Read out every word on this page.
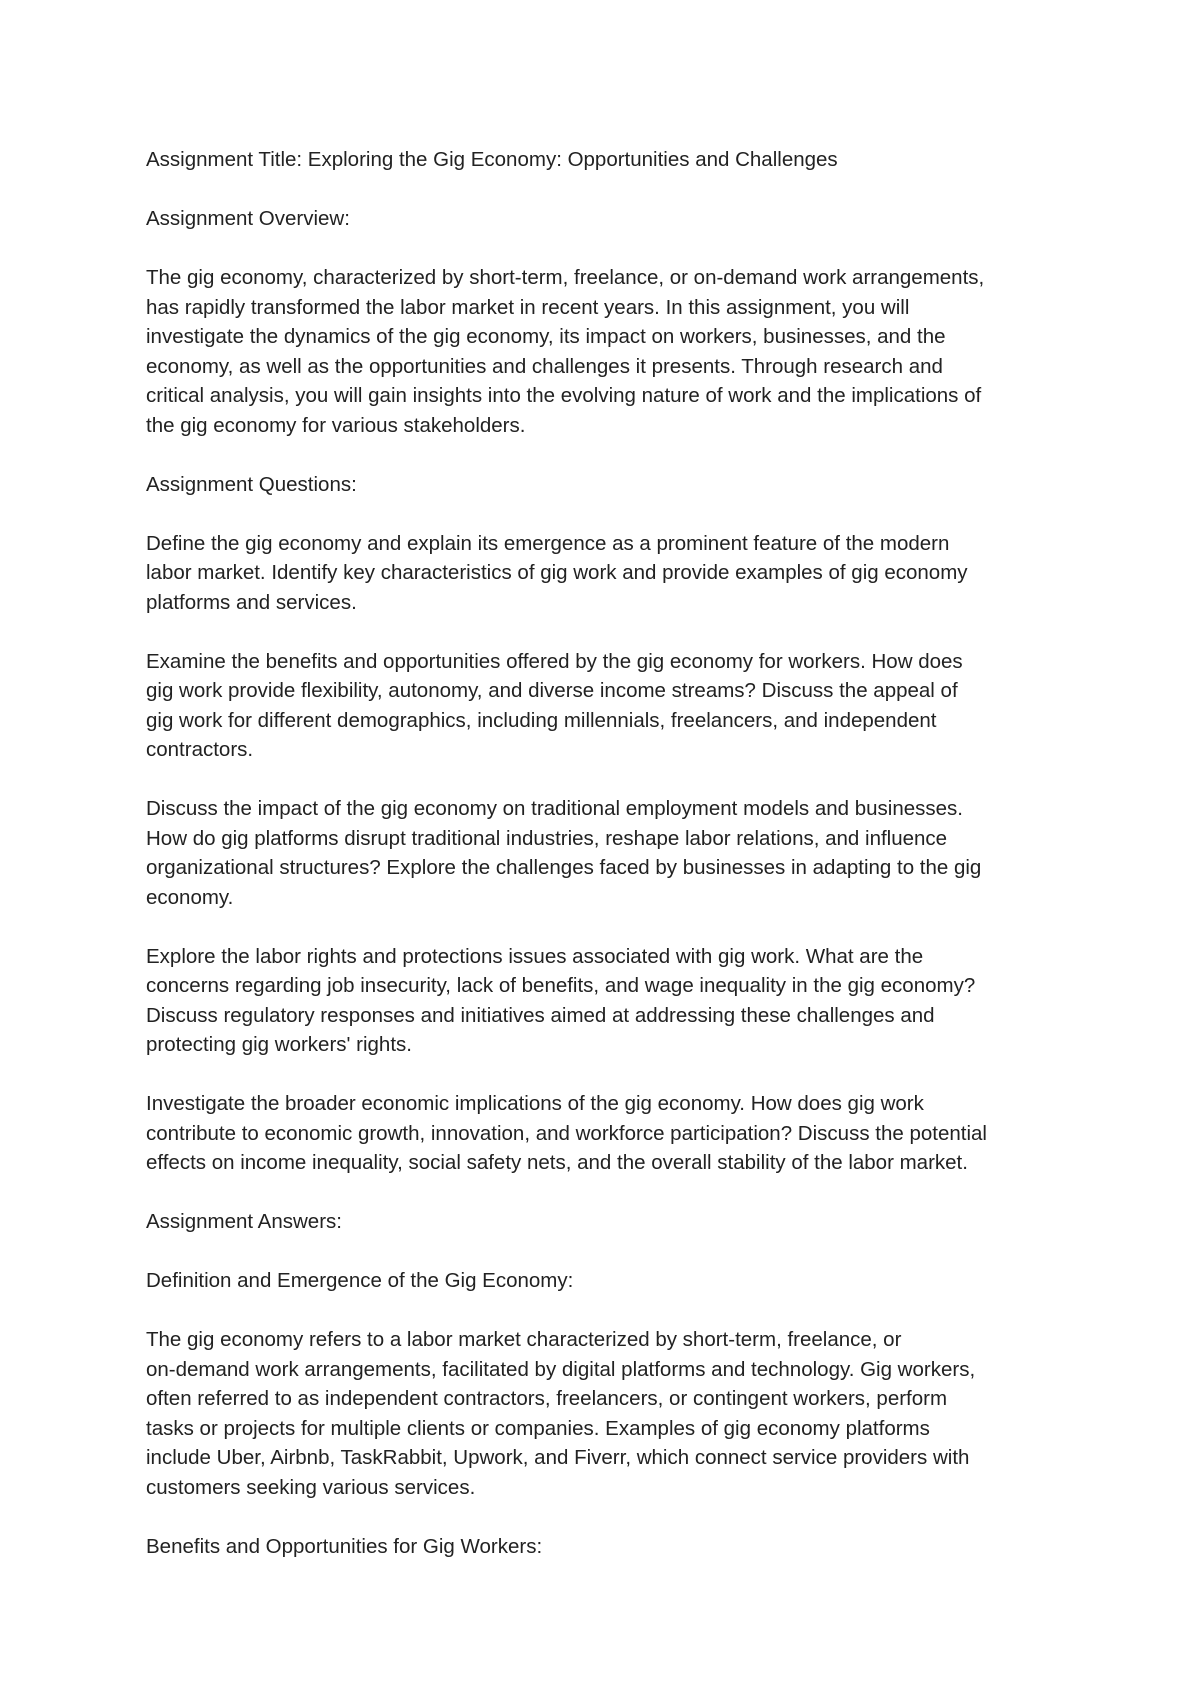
Assignment Title: Exploring the Gig Economy: Opportunities and Challenges

Assignment Overview:

The gig economy, characterized by short-term, freelance, or on-demand work arrangements,

has rapidly transformed the labor market in recent years. In this assignment, you will

investigate the dynamics of the gig economy, its impact on workers, businesses, and the

economy, as well as the opportunities and challenges it presents. Through research and

critical analysis, you will gain insights into the evolving nature of work and the implications of

the gig economy for various stakeholders.

Assignment Questions:

Define the gig economy and explain its emergence as a prominent feature of the modern

labor market. Identify key characteristics of gig work and provide examples of gig economy

platforms and services.

Examine the benefits and opportunities offered by the gig economy for workers. How does

gig work provide flexibility, autonomy, and diverse income streams? Discuss the appeal of

gig work for different demographics, including millennials, freelancers, and independent

contractors.

Discuss the impact of the gig economy on traditional employment models and businesses.

How do gig platforms disrupt traditional industries, reshape labor relations, and influence

organizational structures? Explore the challenges faced by businesses in adapting to the gig

economy.

Explore the labor rights and protections issues associated with gig work. What are the

concerns regarding job insecurity, lack of benefits, and wage inequality in the gig economy?

Discuss regulatory responses and initiatives aimed at addressing these challenges and

protecting gig workers' rights.

Investigate the broader economic implications of the gig economy. How does gig work

contribute to economic growth, innovation, and workforce participation? Discuss the potential

effects on income inequality, social safety nets, and the overall stability of the labor market.

Assignment Answers:

Definition and Emergence of the Gig Economy:

The gig economy refers to a labor market characterized by short-term, freelance, or

on-demand work arrangements, facilitated by digital platforms and technology. Gig workers,

often referred to as independent contractors, freelancers, or contingent workers, perform

tasks or projects for multiple clients or companies. Examples of gig economy platforms

include Uber, Airbnb, TaskRabbit, Upwork, and Fiverr, which connect service providers with

customers seeking various services.

Benefits and Opportunities for Gig Workers:
